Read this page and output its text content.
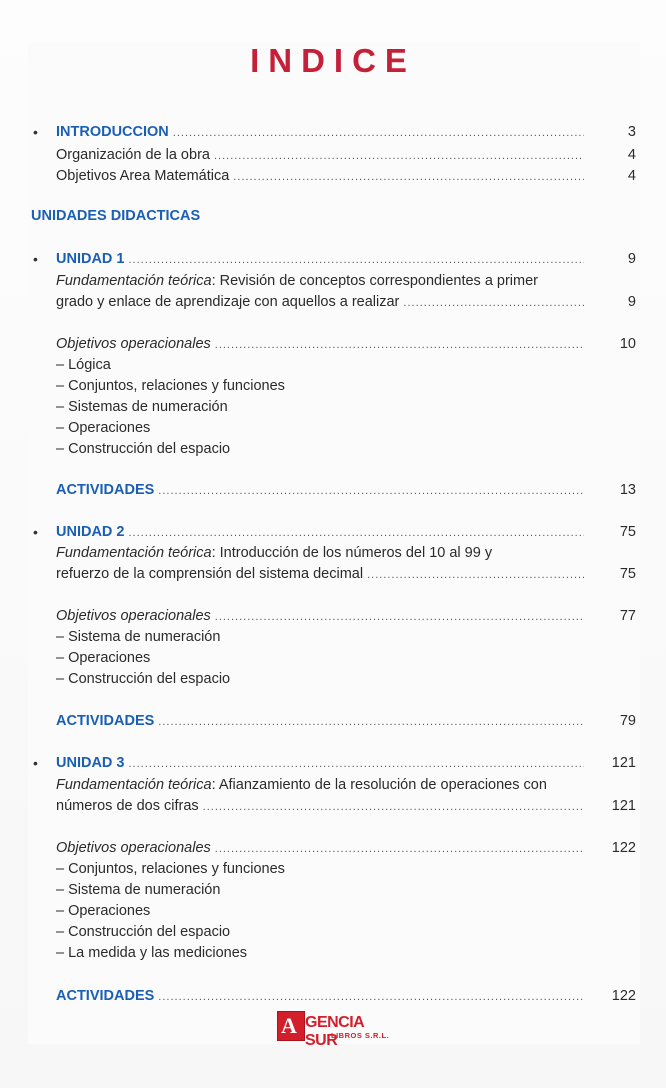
INDICE
• INTRODUCCION .....	3
Organización de la obra .....	4
Objetivos Area Matemática .....	4
UNIDADES DIDACTICAS
• UNIDAD 1 .....	9
Fundamentación teórica: Revisión de conceptos correspondientes a primer
grado y enlace de aprendizaje con aquellos a realizar .....	9
Objetivos operacionales .....	10
– Lógica
– Conjuntos, relaciones y funciones
– Sistemas de numeración
– Operaciones
– Construcción del espacio
ACTIVIDADES .....	13
• UNIDAD 2 .....	75
Fundamentación teórica: Introducción de los números del 10 al 99 y
refuerzo de la comprensión del sistema decimal .....	75
Objetivos operacionales .....	77
– Sistema de numeración
– Operaciones
– Construcción del espacio
ACTIVIDADES .....	79
• UNIDAD 3 .....	121
Fundamentación teórica: Afianzamiento de la resolución de operaciones con
números de dos cifras .....	121
Objetivos operacionales .....	122
– Conjuntos, relaciones y funciones
– Sistema de numeración
– Operaciones
– Construcción del espacio
– La medida y las mediciones
ACTIVIDADES .....	122
A GENCIA SUR
LIBROS S.R.L.
